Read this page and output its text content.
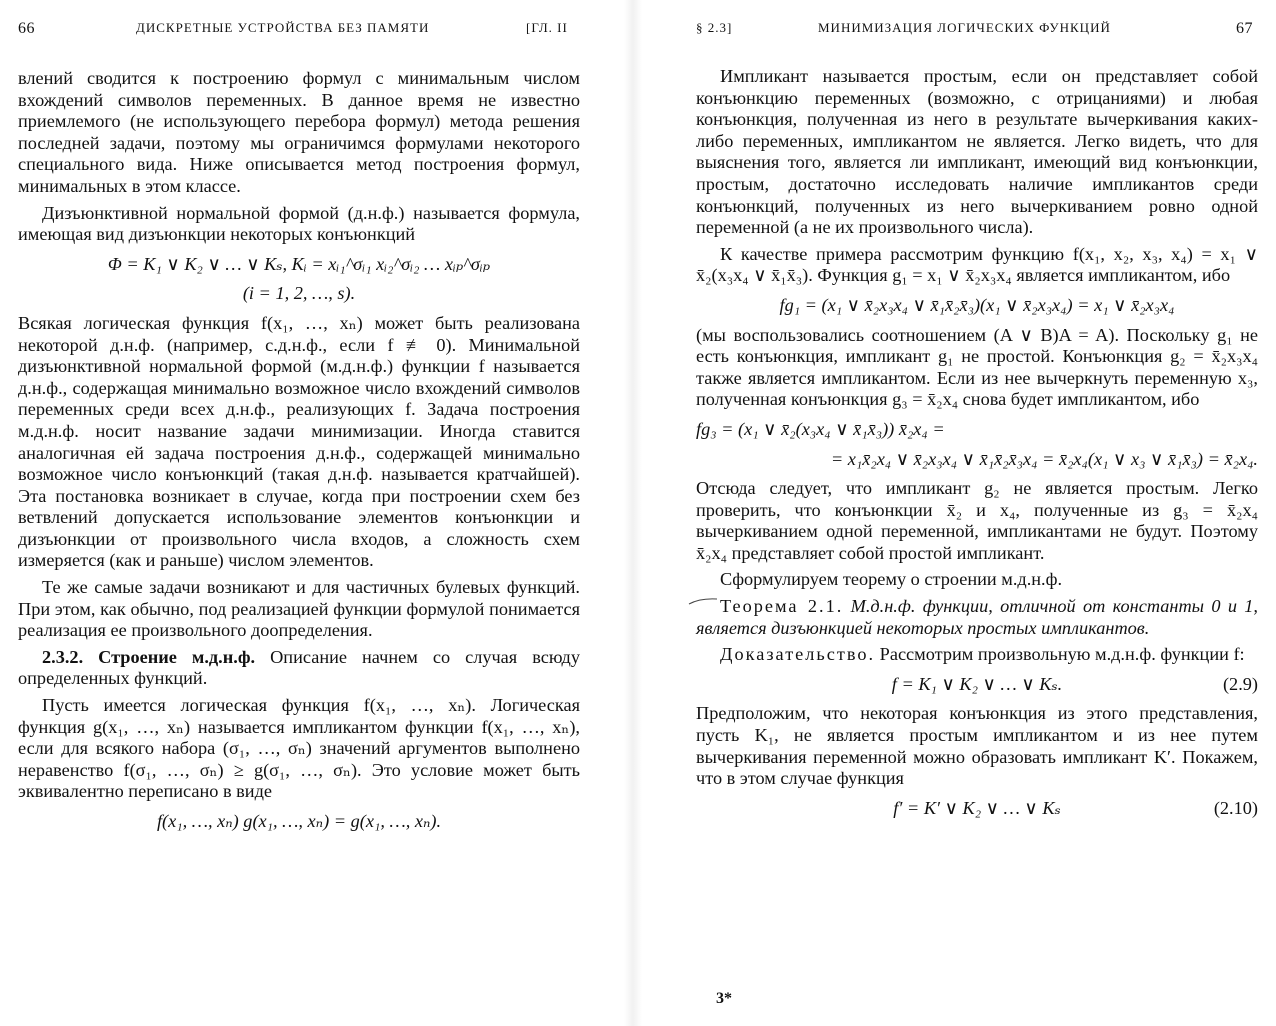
66	ДИСКРЕТНЫЕ УСТРОЙСТВА БЕЗ ПАМЯТИ	[ГЛ. II

влений сводится к построению формул с минимальным числом вхождений символов переменных. В данное время не известно приемлемого (не использующего перебора формул) метода решения последней задачи, поэтому мы ограничимся формулами некоторого специального вида. Ниже описывается метод построения формул, минимальных в этом классе.

Дизъюнктивной нормальной формой (д.н.ф.) называется формула, имеющая вид дизъюнкции некоторых конъюнкций

Φ = K₁ ∨ K₂ ∨ … ∨ Kₛ, Kᵢ = xᵢ₁^σᵢ₁ xᵢ₂^σᵢ₂ … xᵢₚ^σᵢₚ
(i = 1, 2, …, s).

Всякая логическая функция f(x₁, …, xₙ) может быть реализована некоторой д.н.ф. (например, с.д.н.ф., если f ≢ 0). Минимальной дизъюнктивной нормальной формой (м.д.н.ф.) функции f называется д.н.ф., содержащая минимально возможное число вхождений символов переменных среди всех д.н.ф., реализующих f. Задача построения м.д.н.ф. носит название задачи минимизации. Иногда ставится аналогичная ей задача построения д.н.ф., содержащей минимально возможное число конъюнкций (такая д.н.ф. называется кратчайшей). Эта постановка возникает в случае, когда при построении схем без ветвлений допускается использование элементов конъюнкции и дизъюнкции от произвольного числа входов, а сложность схем измеряется (как и раньше) числом элементов.

Те же самые задачи возникают и для частичных булевых функций. При этом, как обычно, под реализацией функции формулой понимается реализация ее произвольного доопределения.

2.3.2. Строение м.д.н.ф. Описание начнем со случая всюду определенных функций.

Пусть имеется логическая функция f(x₁, …, xₙ). Логическая функция g(x₁, …, xₙ) называется импликантом функции f(x₁, …, xₙ), если для всякого набора (σ₁, …, σₙ) значений аргументов выполнено неравенство f(σ₁, …, σₙ) ≥ g(σ₁, …, σₙ). Это условие может быть эквивалентно переписано в виде

f(x₁, …, xₙ) g(x₁, …, xₙ) = g(x₁, …, xₙ).
§ 2.3]	МИНИМИЗАЦИЯ ЛОГИЧЕСКИХ ФУНКЦИЙ	67

Импликант называется простым, если он представляет собой конъюнкцию переменных (возможно, с отрицаниями) и любая конъюнкция, полученная из него в результате вычеркивания каких-либо переменных, импликантом не является. Легко видеть, что для выяснения того, является ли импликант, имеющий вид конъюнкции, простым, достаточно исследовать наличие импликантов среди конъюнкций, полученных из него вычеркиванием ровно одной переменной (а не их произвольного числа).

К качестве примера рассмотрим функцию f(x₁, x₂, x₃, x₄) = x₁ ∨ x̄₂(x₃x₄ ∨ x̄₁x̄₃). Функция g₁ = x₁ ∨ x̄₂x₃x₄ является импликантом, ибо

fg₁ = (x₁ ∨ x̄₂x₃x₄ ∨ x̄₁x̄₂x̄₃)(x₁ ∨ x̄₂x₃x₄) = x₁ ∨ x̄₂x₃x₄

(мы воспользовались соотношением (A ∨ B)A = A). Поскольку g₁ не есть конъюнкция, импликант g₁ не простой. Конъюнкция g₂ = x̄₂x₃x₄ также является импликантом. Если из нее вычеркнуть переменную x₃, полученная конъюнкция g₃ = x̄₂x₄ снова будет импликантом, ибо

fg₃ = (x₁ ∨ x̄₂(x₃x₄ ∨ x̄₁x̄₃)) x̄₂x₄ =
= x₁x̄₂x₄ ∨ x̄₂x₃x₄ ∨ x̄₁x̄₂x̄₃x₄ = x̄₂x₄(x₁ ∨ x₃ ∨ x̄₁x̄₃) = x̄₂x₄.

Отсюда следует, что импликант g₂ не является простым. Легко проверить, что конъюнкции x̄₂ и x₄, полученные из g₃ = x̄₂x₄ вычеркиванием одной переменной, импликантами не будут. Поэтому x̄₂x₄ представляет собой простой импликант.

Сформулируем теорему о строении м.д.н.ф.

Теорема 2.1. М.д.н.ф. функции, отличной от константы 0 и 1, является дизъюнкцией некоторых простых импликантов.

Доказательство. Рассмотрим произвольную м.д.н.ф. функции f:

f = K₁ ∨ K₂ ∨ … ∨ Kₛ.	(2.9)

Предположим, что некоторая конъюнкция из этого представления, пусть K₁, не является простым импликантом и из нее путем вычеркивания переменной можно образовать импликант K′. Покажем, что в этом случае функция

f′ = K′ ∨ K₂ ∨ … ∨ Kₛ	(2.10)
3*
